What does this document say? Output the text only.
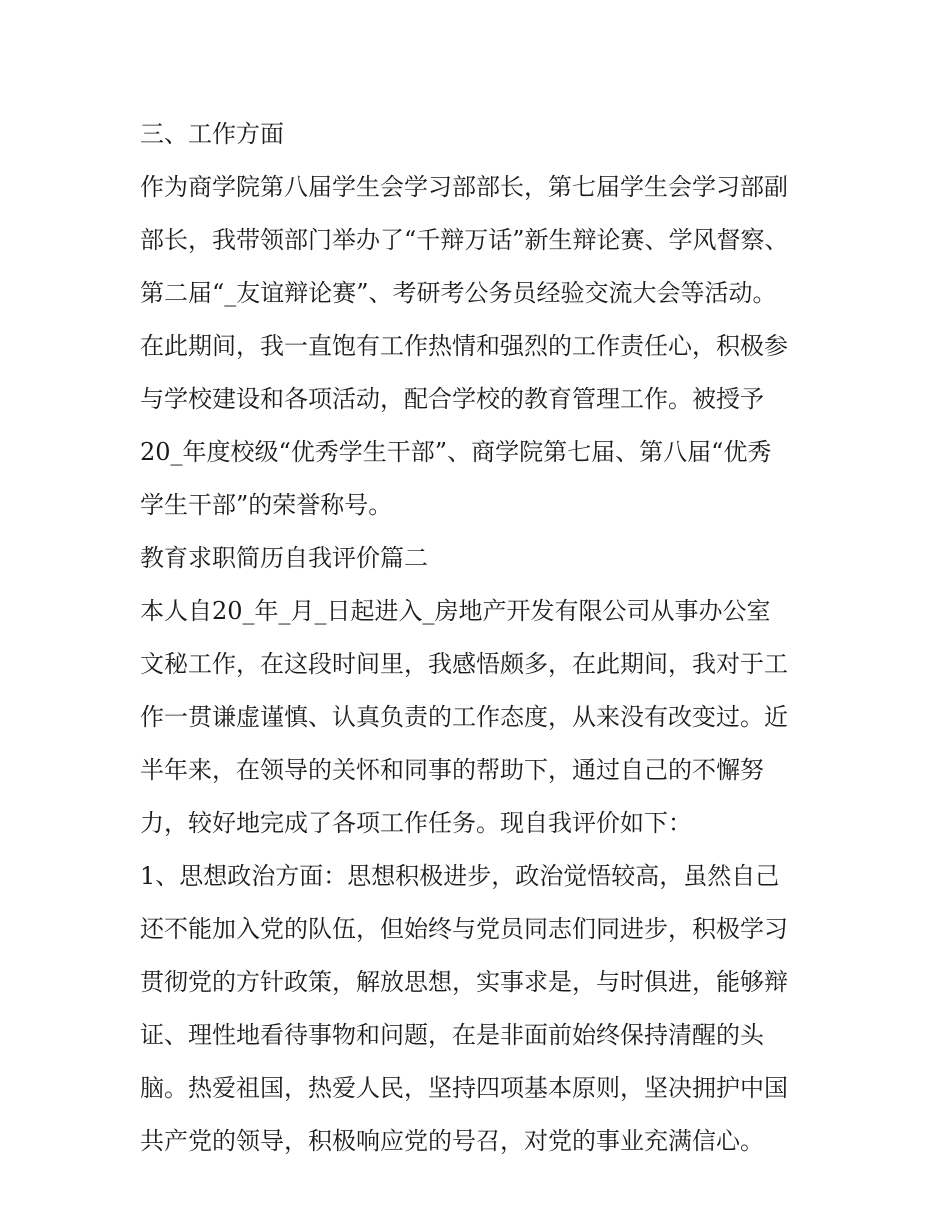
三、工作方面
作为商学院第八届学生会学习部部长，第七届学生会学习部副
部长，我带领部门举办了“千辩万话”新生辩论赛、学风督察、
第二届“_友谊辩论赛”、考研考公务员经验交流大会等活动。
在此期间，我一直饱有工作热情和强烈的工作责任心，积极参
与学校建设和各项活动，配合学校的教育管理工作。被授予
20_年度校级“优秀学生干部”、商学院第七届、第八届“优秀
学生干部”的荣誉称号。
教育求职简历自我评价篇二
本人自20_年_月_日起进入_房地产开发有限公司从事办公室
文秘工作，在这段时间里，我感悟颇多，在此期间，我对于工
作一贯谦虚谨慎、认真负责的工作态度，从来没有改变过。近
半年来，在领导的关怀和同事的帮助下，通过自己的不懈努
力，较好地完成了各项工作任务。现自我评价如下：
1、思想政治方面：思想积极进步，政治觉悟较高，虽然自己
还不能加入党的队伍，但始终与党员同志们同进步，积极学习
贯彻党的方针政策，解放思想，实事求是，与时俱进，能够辩
证、理性地看待事物和问题，在是非面前始终保持清醒的头
脑。热爱祖国，热爱人民，坚持四项基本原则，坚决拥护中国
共产党的领导，积极响应党的号召，对党的事业充满信心。
